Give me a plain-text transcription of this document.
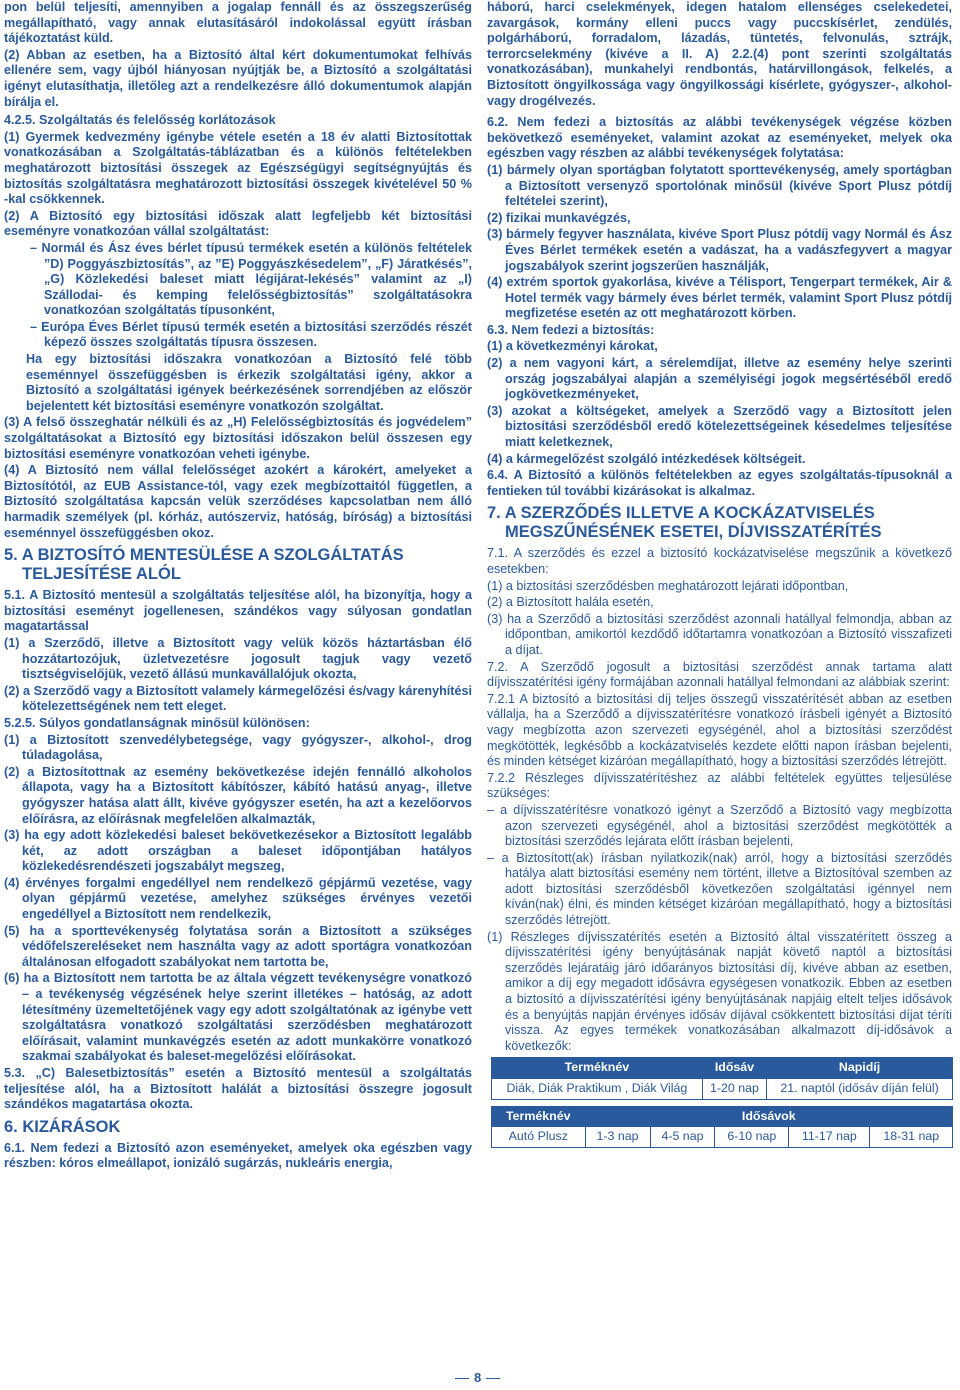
pon belül teljesíti, amennyiben a jogalap fennáll és az összegszerűség megállapítható, vagy annak elutasításáról indokolással együtt írásban tájékoztatást küld.

(2) Abban az esetben, ha a Biztosító által kért dokumentumokat felhívás ellenére sem, vagy újból hiányosan nyújtják be, a Biztosító a szolgáltatási igényt elutasíthatja, illetőleg azt a rendelkezésre álló dokumentumok alapján bírálja el.

4.2.5. Szolgáltatás és felelősség korlátozások

(1) Gyermek kedvezmény igénybe vétele esetén a 18 év alatti Biztosítottak vonatkozásában a Szolgáltatás-táblázatban és a különös feltételekben meghatározott biztosítási összegek az Egészségügyi segítségnyújtás és biztosítás szolgáltatásra meghatározott biztosítási összegek kivételével 50 % -kal csökkennek.

(2) A Biztosító egy biztosítási időszak alatt legfeljebb két biztosítási eseményre vonatkozóan vállal szolgáltatást:

– Normál és Ász éves bérlet típusú termékek esetén a különös feltételek ”D) Poggyászbiztosítás”, az ”E) Poggyászkésedelem”, „F) Járatkésés”, „G) Közlekedési baleset miatt légijárat-lekésés” valamint az „I) Szállodai- és kemping felelősségbiztosítás” szolgáltatásokra vonatkozóan szolgáltatás típusonként,

– Európa Éves Bérlet típusú termék esetén a biztosítási szerződés részét képező összes szolgáltatás típusra összesen.

Ha egy biztosítási időszakra vonatkozóan a Biztosító felé több eseménnyel összefüggésben is érkezik szolgáltatási igény, akkor a Biztosító a szolgáltatási igények beérkezésének sorrendjében az először bejelentett két biztosítási eseményre vonatkozón szolgáltat.

(3) A felső összeghatár nélküli és az „H) Felelősségbiztosítás és jogvédelem” szolgáltatásokat a Biztosító egy biztosítási időszakon belül összesen egy biztosítási eseményre vonatkozóan veheti igénybe.

(4) A Biztosító nem vállal felelősséget azokért a károkért, amelyeket a Biztosítótól, az EUB Assistance-tól, vagy ezek megbízottaitól független, a Biztosító szolgáltatása kapcsán velük szerződéses kapcsolatban nem álló harmadik személyek (pl. kórház, autószerviz, hatóság, bíróság) a biztosítási eseménnyel összefüggésben okoz.

5. A BIZTOSÍTÓ MENTESÜLÉSE A SZOLGÁLTATÁS
TELJESÍTÉSE ALÓL

5.1. A Biztosító mentesül a szolgáltatás teljesítése alól, ha bizonyítja, hogy a biztosítási eseményt jogellenesen, szándékos vagy súlyosan gondatlan magatartással

(1) a Szerződő, illetve a Biztosított vagy velük közös háztartásban élő hozzátartozójuk, üzletvezetésre jogosult tagjuk vagy vezető tisztségviselőjük, vezető állású munkavállalójuk okozta,

(2) a Szerződő vagy a Biztosított valamely kármegelőzési és/vagy kárenyhítési kötelezettségének nem tett eleget.

5.2.5. Súlyos gondatlanságnak minősül különösen:

(1) a Biztosított szenvedélybetegsége, vagy gyógyszer-, alkohol-, drog túladagolása,

(2) a Biztosítottnak az esemény bekövetkezése idején fennálló alkoholos állapota, vagy ha a Biztosított kábítószer, kábító hatású anyag-, illetve gyógyszer hatása alatt állt, kivéve gyógyszer esetén, ha azt a kezelőorvos előírásra, az előírásnak megfelelően alkalmazták,

(3) ha egy adott közlekedési baleset bekövetkezésekor a Biztosított legalább két, az adott országban a baleset időpontjában hatályos közlekedésrendészeti jogszabályt megszeg,

(4) érvényes forgalmi engedéllyel nem rendelkező gépjármű vezetése, vagy olyan gépjármű vezetése, amelyhez szükséges érvényes vezetői engedéllyel a Biztosított nem rendelkezik,

(5) ha a sporttevékenység folytatása során a Biztosított a szükséges védőfelszereléseket nem használta vagy az adott sportágra vonatkozóan általánosan elfogadott szabályokat nem tartotta be,

(6) ha a Biztosított nem tartotta be az általa végzett tevékenységre vonatkozó – a tevékenység végzésének helye szerint illetékes – hatóság, az adott létesítmény üzemeltetőjének vagy egy adott szolgáltatónak az igénybe vett szolgáltatásra vonatkozó szolgáltatási szerződésben meghatározott előírásait, valamint munkavégzés esetén az adott munkakörre vonatkozó szakmai szabályokat és baleset-megelőzési előírásokat.

5.3. „C) Balesetbiztosítás” esetén a Biztosító mentesül a szolgáltatás teljesítése alól, ha a Biztosított halálát a biztosítási összegre jogosult szándékos magatartása okozta.

6. KIZÁRÁSOK

6.1. Nem fedezi a Biztosító azon eseményeket, amelyek oka egészben vagy részben: kóros elmeállapot, ionizáló sugárzás, nukleáris energia,

háború, harci cselekmények, idegen hatalom ellenséges cselekedetei, zavargások, kormány elleni puccs vagy puccskísérlet, zendülés, polgárháború, forradalom, lázadás, tüntetés, felvonulás, sztrájk, terrorcselekmény (kivéve a II. A) 2.2.(4) pont szerinti szolgáltatás vonatkozásában), munkahelyi rendbontás, határvillongások, felkelés, a Biztosított öngyilkossága vagy öngyilkossági kísérlete, gyógyszer-, alkohol- vagy drogélvezés.

6.2. Nem fedezi a biztosítás az alábbi tevékenységek végzése közben bekövetkező eseményeket, valamint azokat az eseményeket, melyek oka egészben vagy részben az alábbi tevékenységek folytatása:

(1) bármely olyan sportágban folytatott sporttevékenység, amely sportágban a Biztosított versenyző sportolónak minősül (kivéve Sport Plusz pótdíj feltételei szerint),

(2) fizikai munkavégzés,

(3) bármely fegyver használata, kivéve Sport Plusz pótdíj vagy Normál és Ász Éves Bérlet termékek esetén a vadászat, ha a vadászfegyvert a magyar jogszabályok szerint jogszerűen használják,

(4) extrém sportok gyakorlása, kivéve a Télisport, Tengerpart termékek, Air & Hotel termék vagy bármely éves bérlet termék, valamint Sport Plusz pótdíj megfizetése esetén az ott meghatározott körben.

6.3. Nem fedezi a biztosítás:

(1) a következményi károkat,

(2) a nem vagyoni kárt, a sérelemdíjat, illetve az esemény helye szerinti ország jogszabályai alapján a személyiségi jogok megsértéséből eredő jogkövetkezményeket,

(3) azokat a költségeket, amelyek a Szerződő vagy a Biztosított jelen biztosítási szerződésből eredő kötelezettségeinek késedelmes teljesítése miatt keletkeznek,

(4) a kármegelőzést szolgáló intézkedések költségeit.

6.4. A Biztosító a különös feltételekben az egyes szolgáltatás-típusoknál a fentieken túl további kizárásokat is alkalmaz.

7. A SZERZŐDÉS ILLETVE A KOCKÁZATVISELÉS
MEGSZŰNÉSÉNEK ESETEI, DÍJVISSZATÉRÍTÉS

7.1. A szerződés és ezzel a biztosító kockázatviselése megszűnik a következő esetekben:

(1) a biztosítási szerződésben meghatározott lejárati időpontban,

(2) a Biztosított halála esetén,

(3) ha a Szerződő a biztosítási szerződést azonnali hatállyal felmondja, abban az időpontban, amikortól kezdődő időtartamra vonatkozóan a Biztosító visszafizeti a díjat.

7.2. A Szerződő jogosult a biztosítási szerződést annak tartama alatt díjvisszatérítési igény formájában azonnali hatállyal felmondani az alábbiak szerint:

7.2.1 A biztosító a biztosítási díj teljes összegű visszatérítését abban az esetben vállalja, ha a Szerződő a díjvisszatérítésre vonatkozó írásbeli igényét a Biztosító vagy megbízotta azon szervezeti egységénél, ahol a biztosítási szerződést megkötötték, legkésőbb a kockázatviselés kezdete előtti napon írásban bejelenti, és minden kétséget kizáróan megállapítható, hogy a biztosítási szerződés létrejött.

7.2.2 Részleges díjvisszatérítéshez az alábbi feltételek együttes teljesülése szükséges:

– a díjvisszatérítésre vonatkozó igényt a Szerződő a Biztosító vagy megbízotta azon szervezeti egységénél, ahol a biztosítási szerződést megkötötték a biztosítási szerződés lejárata előtt írásban bejelenti,

– a Biztosított(ak) írásban nyilatkozik(nak) arról, hogy a biztosítási szerződés hatálya alatt biztosítási esemény nem történt, illetve a Biztosítóval szemben az adott biztosítási szerződésből következően szolgáltatási igénnyel nem kíván(nak) élni, és minden kétséget kizáróan megállapítható, hogy a biztosítási szerződés létrejött.

(1) Részleges díjvisszatérítés esetén a Biztosító által visszatérített összeg a díjvisszatérítési igény benyújtásának napját követő naptól a biztosítási szerződés lejáratáig járó időarányos biztosítási díj, kivéve abban az esetben, amikor a díj egy megadott idősávra egységesen vonatkozik. Ebben az esetben a biztosító a díjvisszatérítési igény benyújtásának napjáig eltelt teljes idősávok és a benyújtás napján érvényes idősáv díjával csökkentett biztosítási díjat téríti vissza. Az egyes termékek vonatkozásában alkalmazott díj-idősávok a következők:

Terméknév	Idősáv	Napidíj
Diák, Diák Praktikum , Diák Világ	1-20 nap	21. naptól (idősáv díján felül)
Terméknév	Idősávok				
Autó Plusz	1-3 nap	4-5 nap	6-10 nap	11-17 nap	18-31 nap
8
